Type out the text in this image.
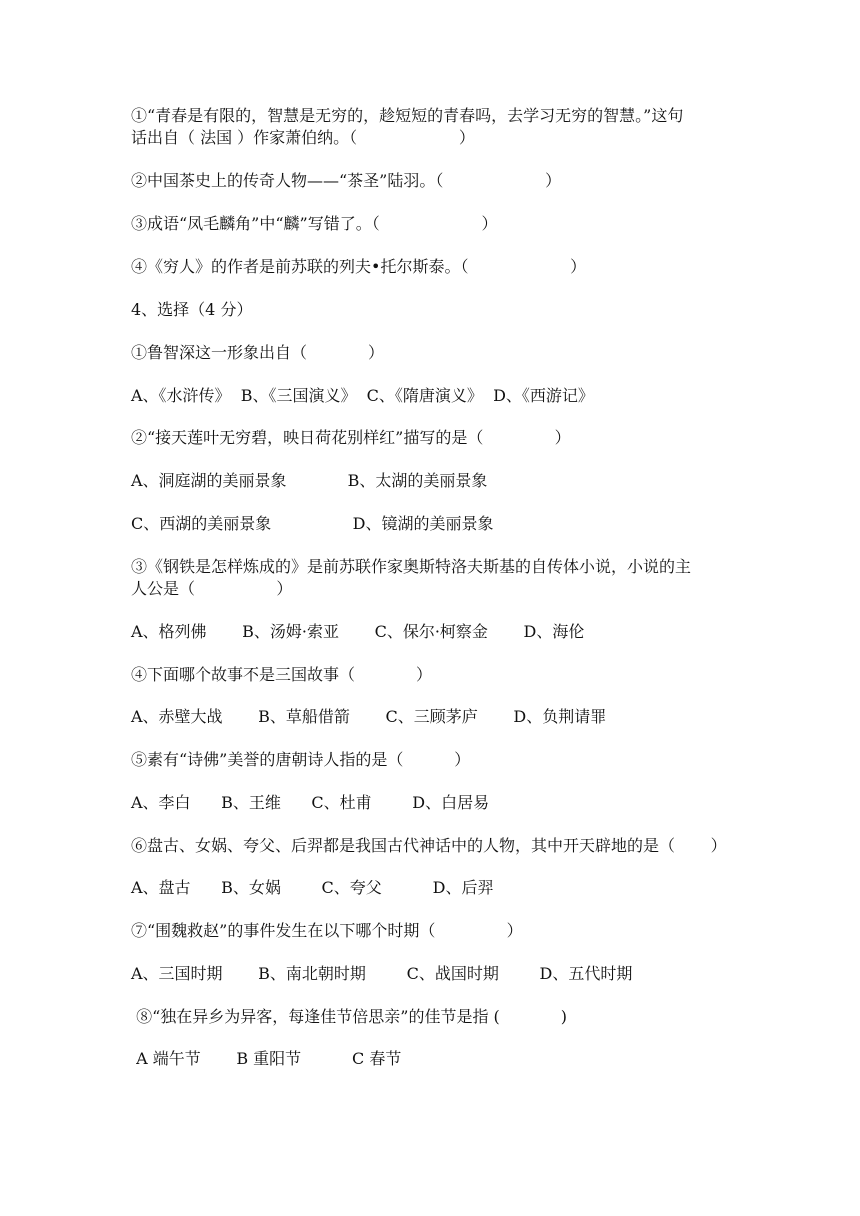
①“青春是有限的，智慧是无穷的，趁短短的青春吗，去学习无穷的智慧。”这句
话出自（ 法国 ）作家萧伯纳。（                    ）
②中国茶史上的传奇人物——“茶圣”陆羽。（                    ）
③成语“凤毛麟角”中“麟”写错了。（                    ）
④《穷人》的作者是前苏联的列夫•托尔斯泰。（                    ）
4、选择（4 分）
①鲁智深这一形象出自（            ）
A、《水浒传》  B、《三国演义》  C、《隋唐演义》  D、《西游记》
②“接天莲叶无穷碧，映日荷花别样红”描写的是（              ）
A、洞庭湖的美丽景象            B、太湖的美丽景象
C、西湖的美丽景象                D、镜湖的美丽景象
③《钢铁是怎样炼成的》是前苏联作家奥斯特洛夫斯基的自传体小说，小说的主
人公是（                ）
A、格列佛       B、汤姆·索亚       C、保尔·柯察金       D、海伦
④下面哪个故事不是三国故事（            ）
A、赤壁大战       B、草船借箭       C、三顾茅庐       D、负荆请罪
⑤素有“诗佛”美誉的唐朝诗人指的是（          ）
A、李白      B、王维      C、杜甫        D、白居易
⑥盘古、女娲、夸父、后羿都是我国古代神话中的人物，其中开天辟地的是（       ）
A、盘古      B、女娲        C、夸父          D、后羿
⑦“围魏救赵”的事件发生在以下哪个时期（              ）
A、三国时期       B、南北朝时期        C、战国时期        D、五代时期
⑧“独在异乡为异客，每逢佳节倍思亲”的佳节是指 (            )
A 端午节       B 重阳节          C 春节
